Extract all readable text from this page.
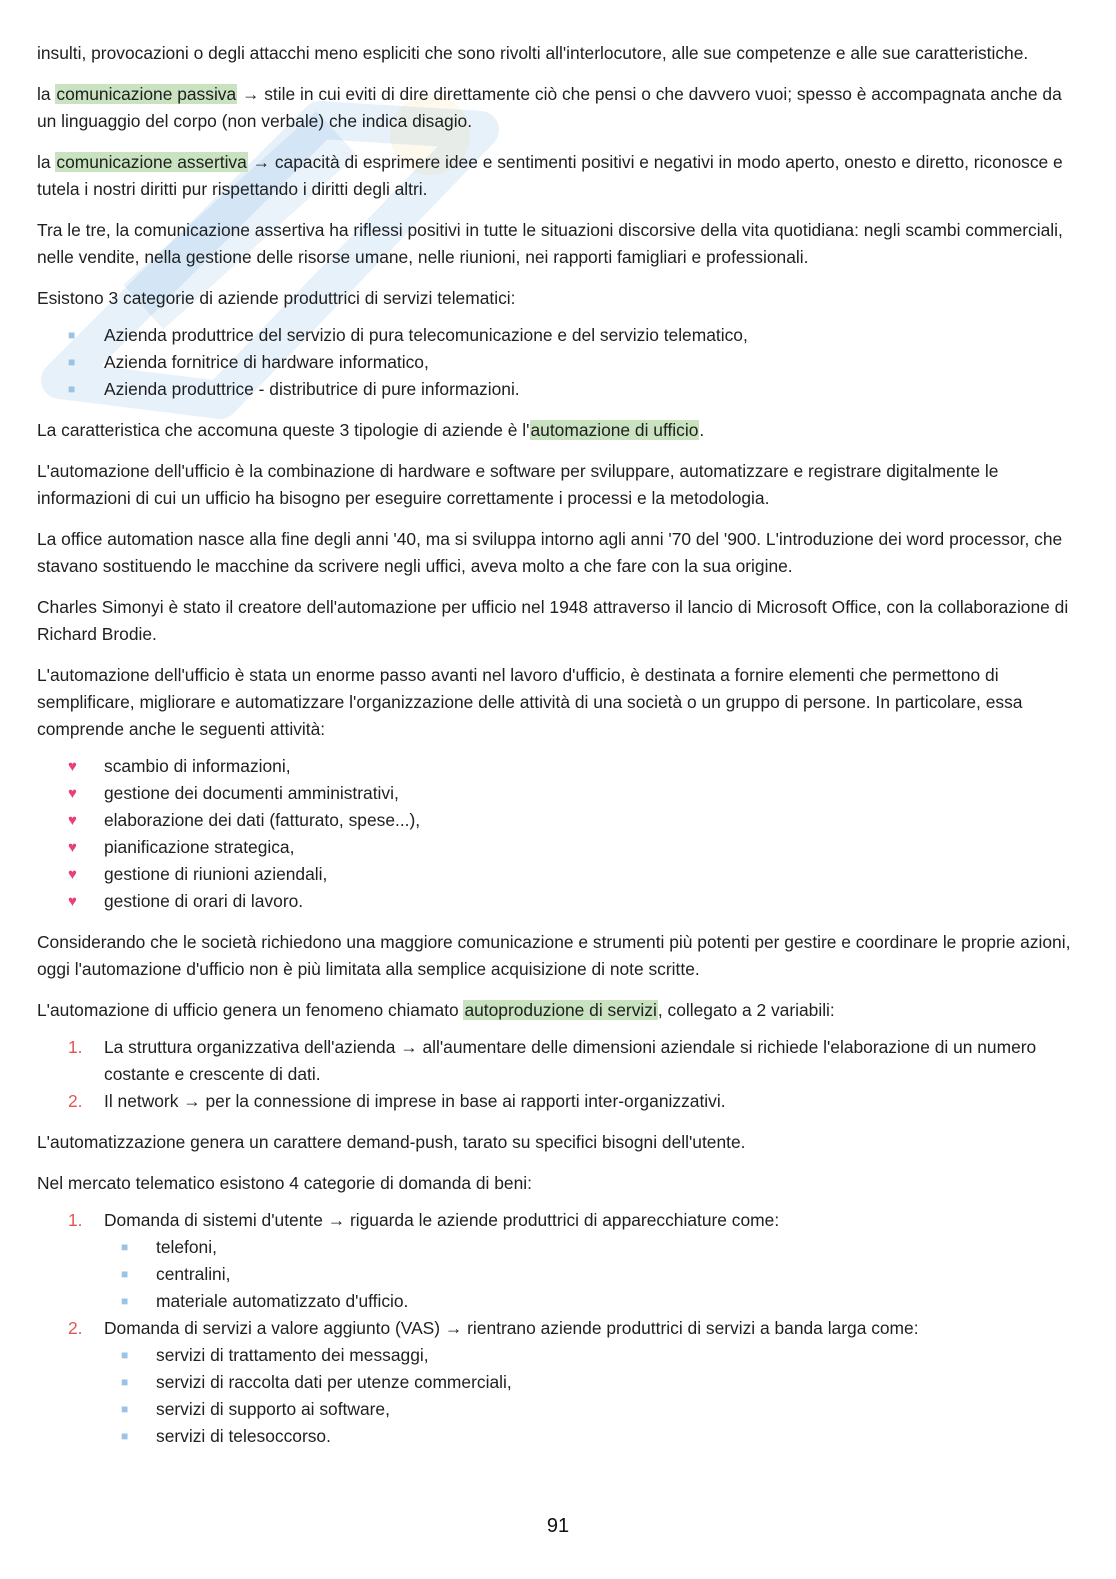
insulti, provocazioni o degli attacchi meno espliciti che sono rivolti all'interlocutore, alle sue competenze e alle sue caratteristiche.

la comunicazione passiva → stile in cui eviti di dire direttamente ciò che pensi o che davvero vuoi; spesso è accompagnata anche da un linguaggio del corpo (non verbale) che indica disagio.

la comunicazione assertiva → capacità di esprimere idee e sentimenti positivi e negativi in modo aperto, onesto e diretto, riconosce e tutela i nostri diritti pur rispettando i diritti degli altri.

Tra le tre, la comunicazione assertiva ha riflessi positivi in tutte le situazioni discorsive della vita quotidiana: negli scambi commerciali, nelle vendite, nella gestione delle risorse umane, nelle riunioni, nei rapporti famigliari e professionali.

Esistono 3 categorie di aziende produttrici di servizi telematici:

■ Azienda produttrice del servizio di pura telecomunicazione e del servizio telematico,
■ Azienda fornitrice di hardware informatico,
■ Azienda produttrice - distributrice di pure informazioni.

La caratteristica che accomuna queste 3 tipologie di aziende è l'automazione di ufficio.

L'automazione dell'ufficio è la combinazione di hardware e software per sviluppare, automatizzare e registrare digitalmente le informazioni di cui un ufficio ha bisogno per eseguire correttamente i processi e la metodologia.

La office automation nasce alla fine degli anni '40, ma si sviluppa intorno agli anni '70 del '900. L'introduzione dei word processor, che stavano sostituendo le macchine da scrivere negli uffici, aveva molto a che fare con la sua origine.

Charles Simonyi è stato il creatore dell'automazione per ufficio nel 1948 attraverso il lancio di Microsoft Office, con la collaborazione di Richard Brodie.

L'automazione dell'ufficio è stata un enorme passo avanti nel lavoro d'ufficio, è destinata a fornire elementi che permettono di semplificare, migliorare e automatizzare l'organizzazione delle attività di una società o un gruppo di persone. In particolare, essa comprende anche le seguenti attività:

♥ scambio di informazioni,
♥ gestione dei documenti amministrativi,
♥ elaborazione dei dati (fatturato, spese...),
♥ pianificazione strategica,
♥ gestione di riunioni aziendali,
♥ gestione di orari di lavoro.

Considerando che le società richiedono una maggiore comunicazione e strumenti più potenti per gestire e coordinare le proprie azioni, oggi l'automazione d'ufficio non è più limitata alla semplice acquisizione di note scritte.

L'automazione di ufficio genera un fenomeno chiamato autoproduzione di servizi, collegato a 2 variabili:

1. La struttura organizzativa dell'azienda → all'aumentare delle dimensioni aziendale si richiede l'elaborazione di un numero costante e crescente di dati.
2. Il network → per la connessione di imprese in base ai rapporti inter-organizzativi.

L'automatizzazione genera un carattere demand-push, tarato su specifici bisogni dell'utente.

Nel mercato telematico esistono 4 categorie di domanda di beni:

1. Domanda di sistemi d'utente → riguarda le aziende produttrici di apparecchiature come:
■ telefoni,
■ centralini,
■ materiale automatizzato d'ufficio.
2. Domanda di servizi a valore aggiunto (VAS) → rientrano aziende produttrici di servizi a banda larga come:
■ servizi di trattamento dei messaggi,
■ servizi di raccolta dati per utenze commerciali,
■ servizi di supporto ai software,
■ servizi di telesoccorso.
91
